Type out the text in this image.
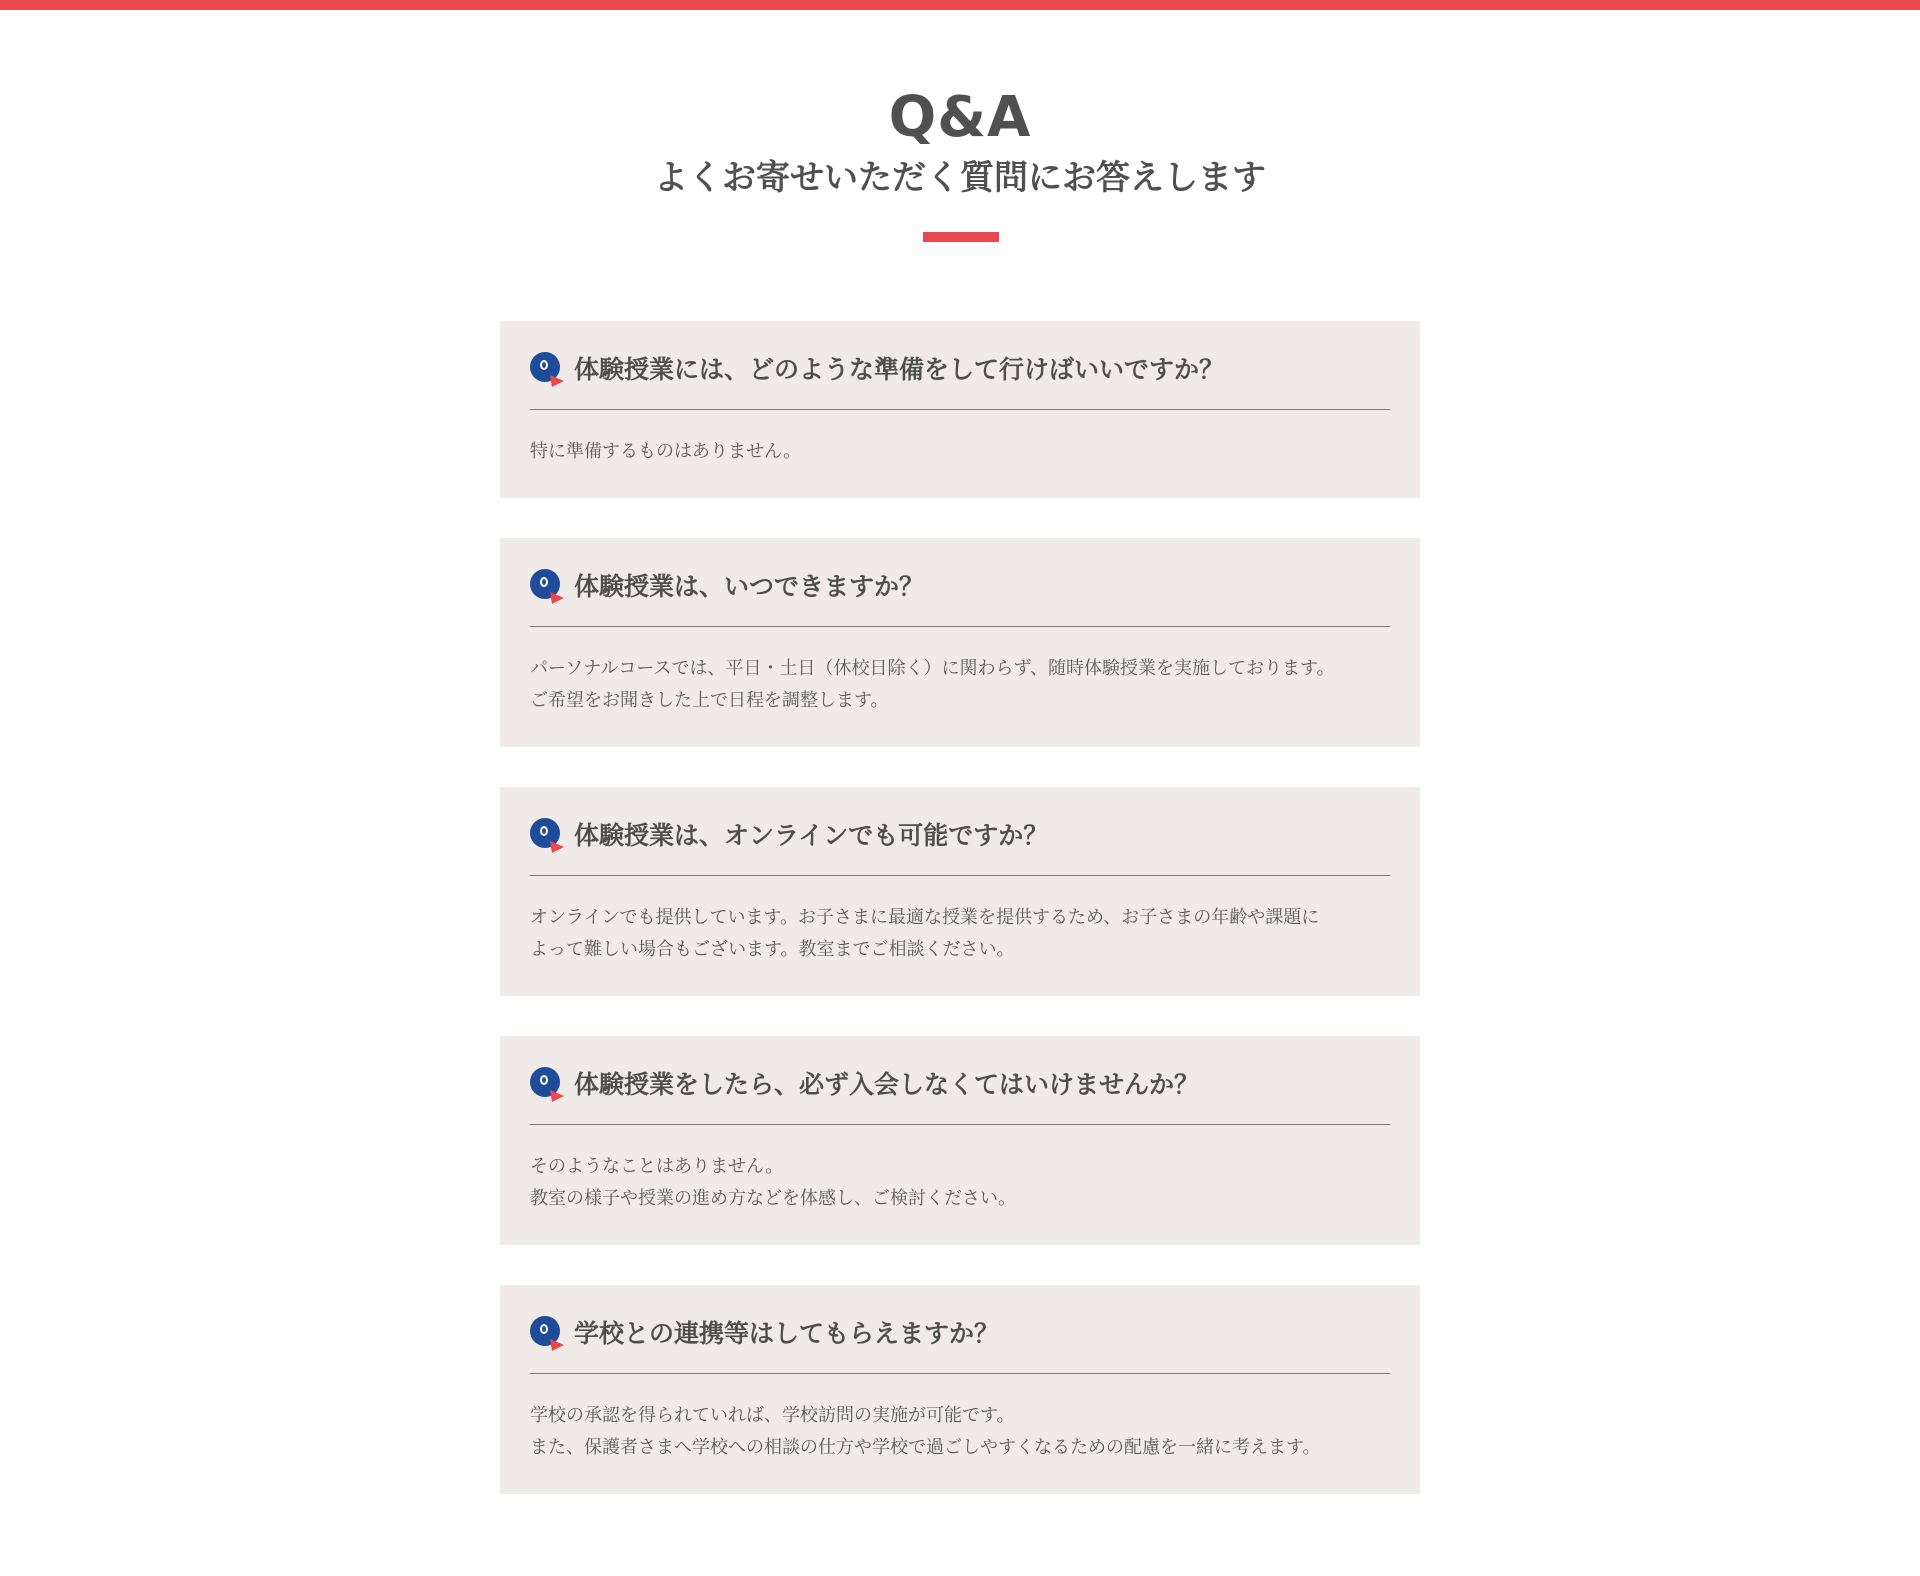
Q&A
よくお寄せいただく質問にお答えします
体験授業には、どのような準備をして行けばいいですか？
特に準備するものはありません。
体験授業は、いつできますか？
パーソナルコースでは、平日・土日（休校日除く）に関わらず、随時体験授業を実施しております。
ご希望をお聞きした上で日程を調整します。
体験授業は、オンラインでも可能ですか？
オンラインでも提供しています。お子さまに最適な授業を提供するため、お子さまの年齢や課題に
よって難しい場合もございます。教室までご相談ください。
体験授業をしたら、必ず入会しなくてはいけませんか？
そのようなことはありません。
教室の様子や授業の進め方などを体感し、ご検討ください。
学校との連携等はしてもらえますか？
学校の承認を得られていれば、学校訪問の実施が可能です。
また、保護者さまへ学校への相談の仕方や学校で過ごしやすくなるための配慮を一緒に考えます。
